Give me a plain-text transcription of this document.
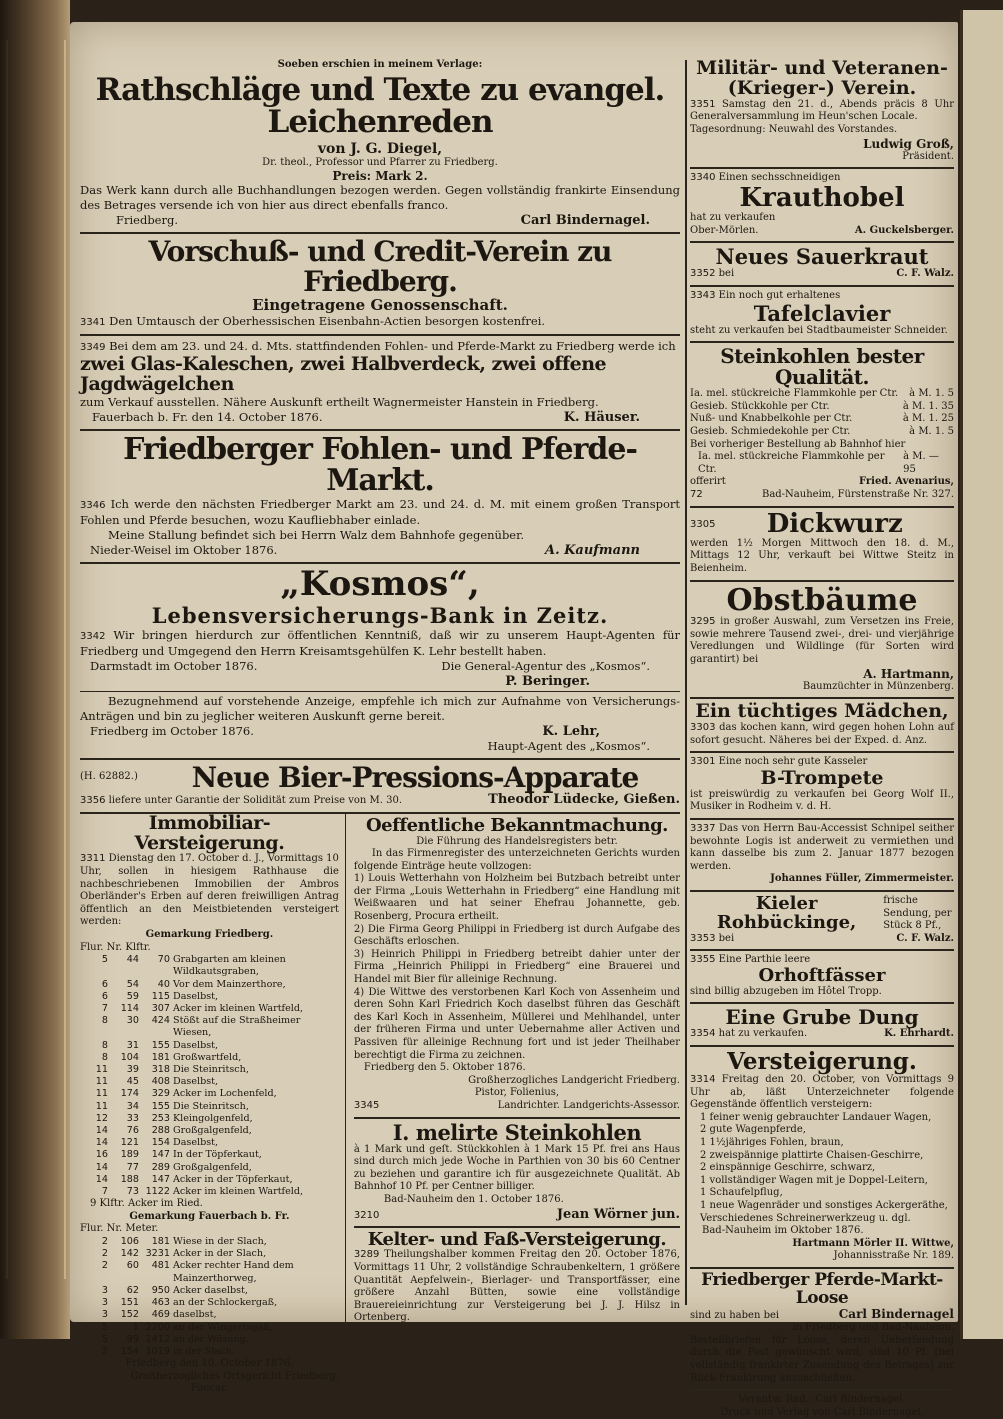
Soeben erschien in meinem Verlage:
Rathschläge und Texte zu evangel. Leichenreden
von J. G. Diegel,
Dr. theol., Professor und Pfarrer zu Friedberg.
Preis: Mark 2.
Das Werk kann durch alle Buchhandlungen bezogen werden. Gegen vollständig frankirte Einsendung des Betrages versende ich von hier aus direct ebenfalls franco.
Friedberg.	Carl Bindernagel.
Vorschuß- und Credit-Verein zu Friedberg.
Eingetragene Genossenschaft.
3341 Den Umtausch der Oberhessischen Eisenbahn-Actien besorgen kostenfrei.
3349 Bei dem am 23. und 24. d. Mts. stattfindenden Fohlen- und Pferde-Markt zu Friedberg werde ich
zwei Glas-Kaleschen, zwei Halbverdeck, zwei offene Jagdwägelchen
zum Verkauf ausstellen. Nähere Auskunft ertheilt Wagnermeister Hanstein in Friedberg.
Fauerbach b. Fr. den 14. October 1876.	K. Häuser.
Friedberger Fohlen- und Pferde-Markt.
3346 Ich werde den nächsten Friedberger Markt am 23. und 24. d. M. mit einem großen Transport Fohlen und Pferde besuchen, wozu Kaufliebhaber einlade.
Meine Stallung befindet sich bei Herrn Walz dem Bahnhofe gegenüber.
Nieder-Weisel im Oktober 1876.	A. Kaufmann
„Kosmos“,
Lebensversicherungs-Bank in Zeitz.
3342 Wir bringen hierdurch zur öffentlichen Kenntniß, daß wir zu unserem Haupt-Agenten für Friedberg und Umgegend den Herrn Kreisamtsgehülfen K. Lehr bestellt haben.
Darmstadt im October 1876.	Die General-Agentur des „Kosmos“.
P. Beringer.
Bezugnehmend auf vorstehende Anzeige, empfehle ich mich zur Aufnahme von Versicherungs-Anträgen und bin zu jeglicher weiteren Auskunft gerne bereit.
Friedberg im October 1876.	K. Lehr,
Haupt-Agent des „Kosmos“.
(H. 62882.)	Neue Bier-Pressions-Apparate
3356 liefere unter Garantie der Solidität zum Preise von M. 30.	Theodor Lüdecke, Gießen.
Immobiliar-Versteigerung.
3311 Dienstag den 17. October d. J., Vormittags 10 Uhr, sollen in hiesigem Rathhause die nachbeschriebenen Immobilien der Ambros Oberländer's Erben auf deren freiwilligen Antrag öffentlich an den Meistbietenden versteigert werden:
Gemarkung Friedberg.
Flur. Nr. Klftr.
5	44	70	Grabgarten am kleinen Wildkautsgraben,
6	54	40	Vor dem Mainzerthore,
6	59	115	Daselbst,
7	114	307	Acker im kleinen Wartfeld,
8	30	424	Stößt auf die Straßheimer Wiesen,
8	31	155	Daselbst,
8	104	181	Großwartfeld,
11	39	318	Die Steinritsch,
11	45	408	Daselbst,
11	174	329	Acker im Lochenfeld,
11	34	155	Die Steinritsch,
12	33	253	Kleingolgenfeld,
14	76	288	Großgalgenfeld,
14	121	154	Daselbst,
16	189	147	In der Töpferkaut,
14	77	289	Großgalgenfeld,
14	188	147	Acker in der Töpferkaut,
7	73	1122	Acker im kleinen Wartfeld,
9 Klftr. Acker im Ried.
Gemarkung Fauerbach b. Fr.
Flur. Nr. Meter.
2	106	181	Wiese in der Slach,
2	142	3231	Acker in der Slach,
2	60	481	Acker rechter Hand dem Mainzerthorweg,
3	62	950	Acker daselbst,
3	151	463	an der Schlockergaß,
3	152	469	daselbst,
5	1	2200	an der Wingertsgaß,
5	99	1412	an der Wösung,
2	154	1019	in der Slach.
Friedberg den 10. October 1876.
Großherzogliches Ortsgericht Friedberg.
Foucar.
Oeffentliche Bekanntmachung.
Die Führung des Handelsregisters betr.
In das Firmenregister des unterzeichneten Gerichts wurden folgende Einträge heute vollzogen:
1) Louis Wetterhahn von Holzheim bei Butzbach betreibt unter der Firma „Louis Wetterhahn in Friedberg“ eine Handlung mit Weißwaaren und hat seiner Ehefrau Johannette, geb. Rosenberg, Procura ertheilt.
2) Die Firma Georg Philippi in Friedberg ist durch Aufgabe des Geschäfts erloschen.
3) Heinrich Philippi in Friedberg betreibt dahier unter der Firma „Heinrich Philippi in Friedberg“ eine Brauerei und Handel mit Bier für alleinige Rechnung.
4) Die Wittwe des verstorbenen Karl Koch von Assenheim und deren Sohn Karl Friedrich Koch daselbst führen das Geschäft des Karl Koch in Assenheim, Müllerei und Mehlhandel, unter der früheren Firma und unter Uebernahme aller Activen und Passiven für alleinige Rechnung fort und ist jeder Theilhaber berechtigt die Firma zu zeichnen.
Friedberg den 5. Oktober 1876.
Großherzogliches Landgericht Friedberg.
Pistor, Folienius,
3345	Landrichter. Landgerichts-Assessor.
I. melirte Steinkohlen
à 1 Mark und geſt. Stückkohlen à 1 Mark 15 Pf. frei ans Haus sind durch mich jede Woche in Parthien von 30 bis 60 Centner zu beziehen und garantire ich für ausgezeichnete Qualität. Ab Bahnhof 10 Pf. per Centner billiger.
Bad-Nauheim den 1. October 1876.
3210	Jean Wörner jun.
Kelter- und Faß-Versteigerung.
3289 Theilungshalber kommen Freitag den 20. October 1876, Vormittags 11 Uhr, 2 vollständige Schraubenkeltern, 1 größere Quantität Aepfelwein-, Bierlager- und Transportfässer, eine größere Anzahl Bütten, sowie eine vollständige Brauereieinrichtung zur Versteigerung bei J. J. Hilsz in Ortenberg.
Militär- und Veteranen- (Krieger-) Verein.
3351 Samstag den 21. d., Abends präcis 8 Uhr Generalversammlung im Heun'schen Locale.
Tagesordnung: Neuwahl des Vorstandes.
Ludwig Groß,
Präsident.
3340 Einen sechsschneidigen
Krauthobel
hat zu verkaufen
Ober-Mörlen.	A. Guckelsberger.
Neues Sauerkraut
3352 bei	C. F. Walz.
3343 Ein noch gut erhaltenes
Tafelclavier
steht zu verkaufen bei Stadtbaumeister Schneider.
Steinkohlen bester Qualität.
Ia. mel. stückreiche Flammkohle per Ctr. à M. 1. 5
Gesieb. Stückkohle per Ctr.	à M. 1. 35
Nuß- und Knabbelkohle per Ctr.	à M. 1. 25
Gesieb. Schmiedekohle per Ctr.	à M. 1. 5
Bei vorheriger Bestellung ab Bahnhof hier
Ia. mel. stückreiche Flammkohle per Ctr.
à M. — 95
offerirt	Fried. Avenarius,
72	Bad-Nauheim, Fürstenstraße Nr. 327.
3305	Dickwurz
werden 1½ Morgen Mittwoch den 18. d. M., Mittags 12 Uhr, verkauft bei Wittwe Steitz in Beienheim.
Obstbäume
3295 in großer Auswahl, zum Versetzen ins Freie, sowie mehrere Tausend zwei-, drei- und vierjährige Veredlungen und Wildlinge (für Sorten wird garantirt) bei
A. Hartmann,
Baumzüchter in Münzenberg.
Ein tüchtiges Mädchen,
3303 das kochen kann, wird gegen hohen Lohn auf sofort gesucht. Näheres bei der Exped. d. Anz.
3301 Eine noch sehr gute Kasseler
B-Trompete
ist preiswürdig zu verkaufen bei Georg Wolf II., Musiker in Rodheim v. d. H.
3337 Das von Herrn Bau-Accessist Schnipel seither bewohnte Logis ist anderweit zu vermiethen und kann dasselbe bis zum 2. Januar 1877 bezogen werden.
Johannes Füller, Zimmermeister.
Kieler Rohbückinge,
frische Sendung, per Stück 8 Pf.,
3353 bei	C. F. Walz.
3355 Eine Parthie leere
Orhoftfässer
sind billig abzugeben im Hôtel Tropp.
Eine Grube Dung
3354 hat zu verkaufen.	K. Ehrhardt.
Versteigerung.
3314 Freitag den 20. October, von Vormittags 9 Uhr ab, läßt Unterzeichneter folgende Gegenstände öffentlich versteigern:
1 feiner wenig gebrauchter Landauer Wagen,
2 gute Wagenpferde,
1 1½jähriges Fohlen, braun,
2 zweispännige plattirte Chaisen-Geschirre,
2 einspännige Geschirre, schwarz,
1 vollständiger Wagen mit je Doppel-Leitern,
1 Schaufelpflug,
1 neue Wagenräder und sonstiges Ackergeräthe, Verschiedenes Schreinerwerkzeug u. dgl.
Bad-Nauheim im Oktober 1876.
Hartmann Mörler II. Wittwe,
Johannisstraße Nr. 189.
Friedberger Pferde-Markt-Loose
sind zu haben bei	Carl Bindernagel
in Friedberg und Bad-Nauheim.
Bestellbriefen für Loose, deren Ueberſendung durch die Post gewünscht wird, sind 10 Pf. (bei vollständig frankirter Zusendung des Betrages) zur Rück-Frankirung anzuschließen.
Verantw. Red.: Carl Bindernagel.
Druck und Verlag von Carl Bindernagel.
